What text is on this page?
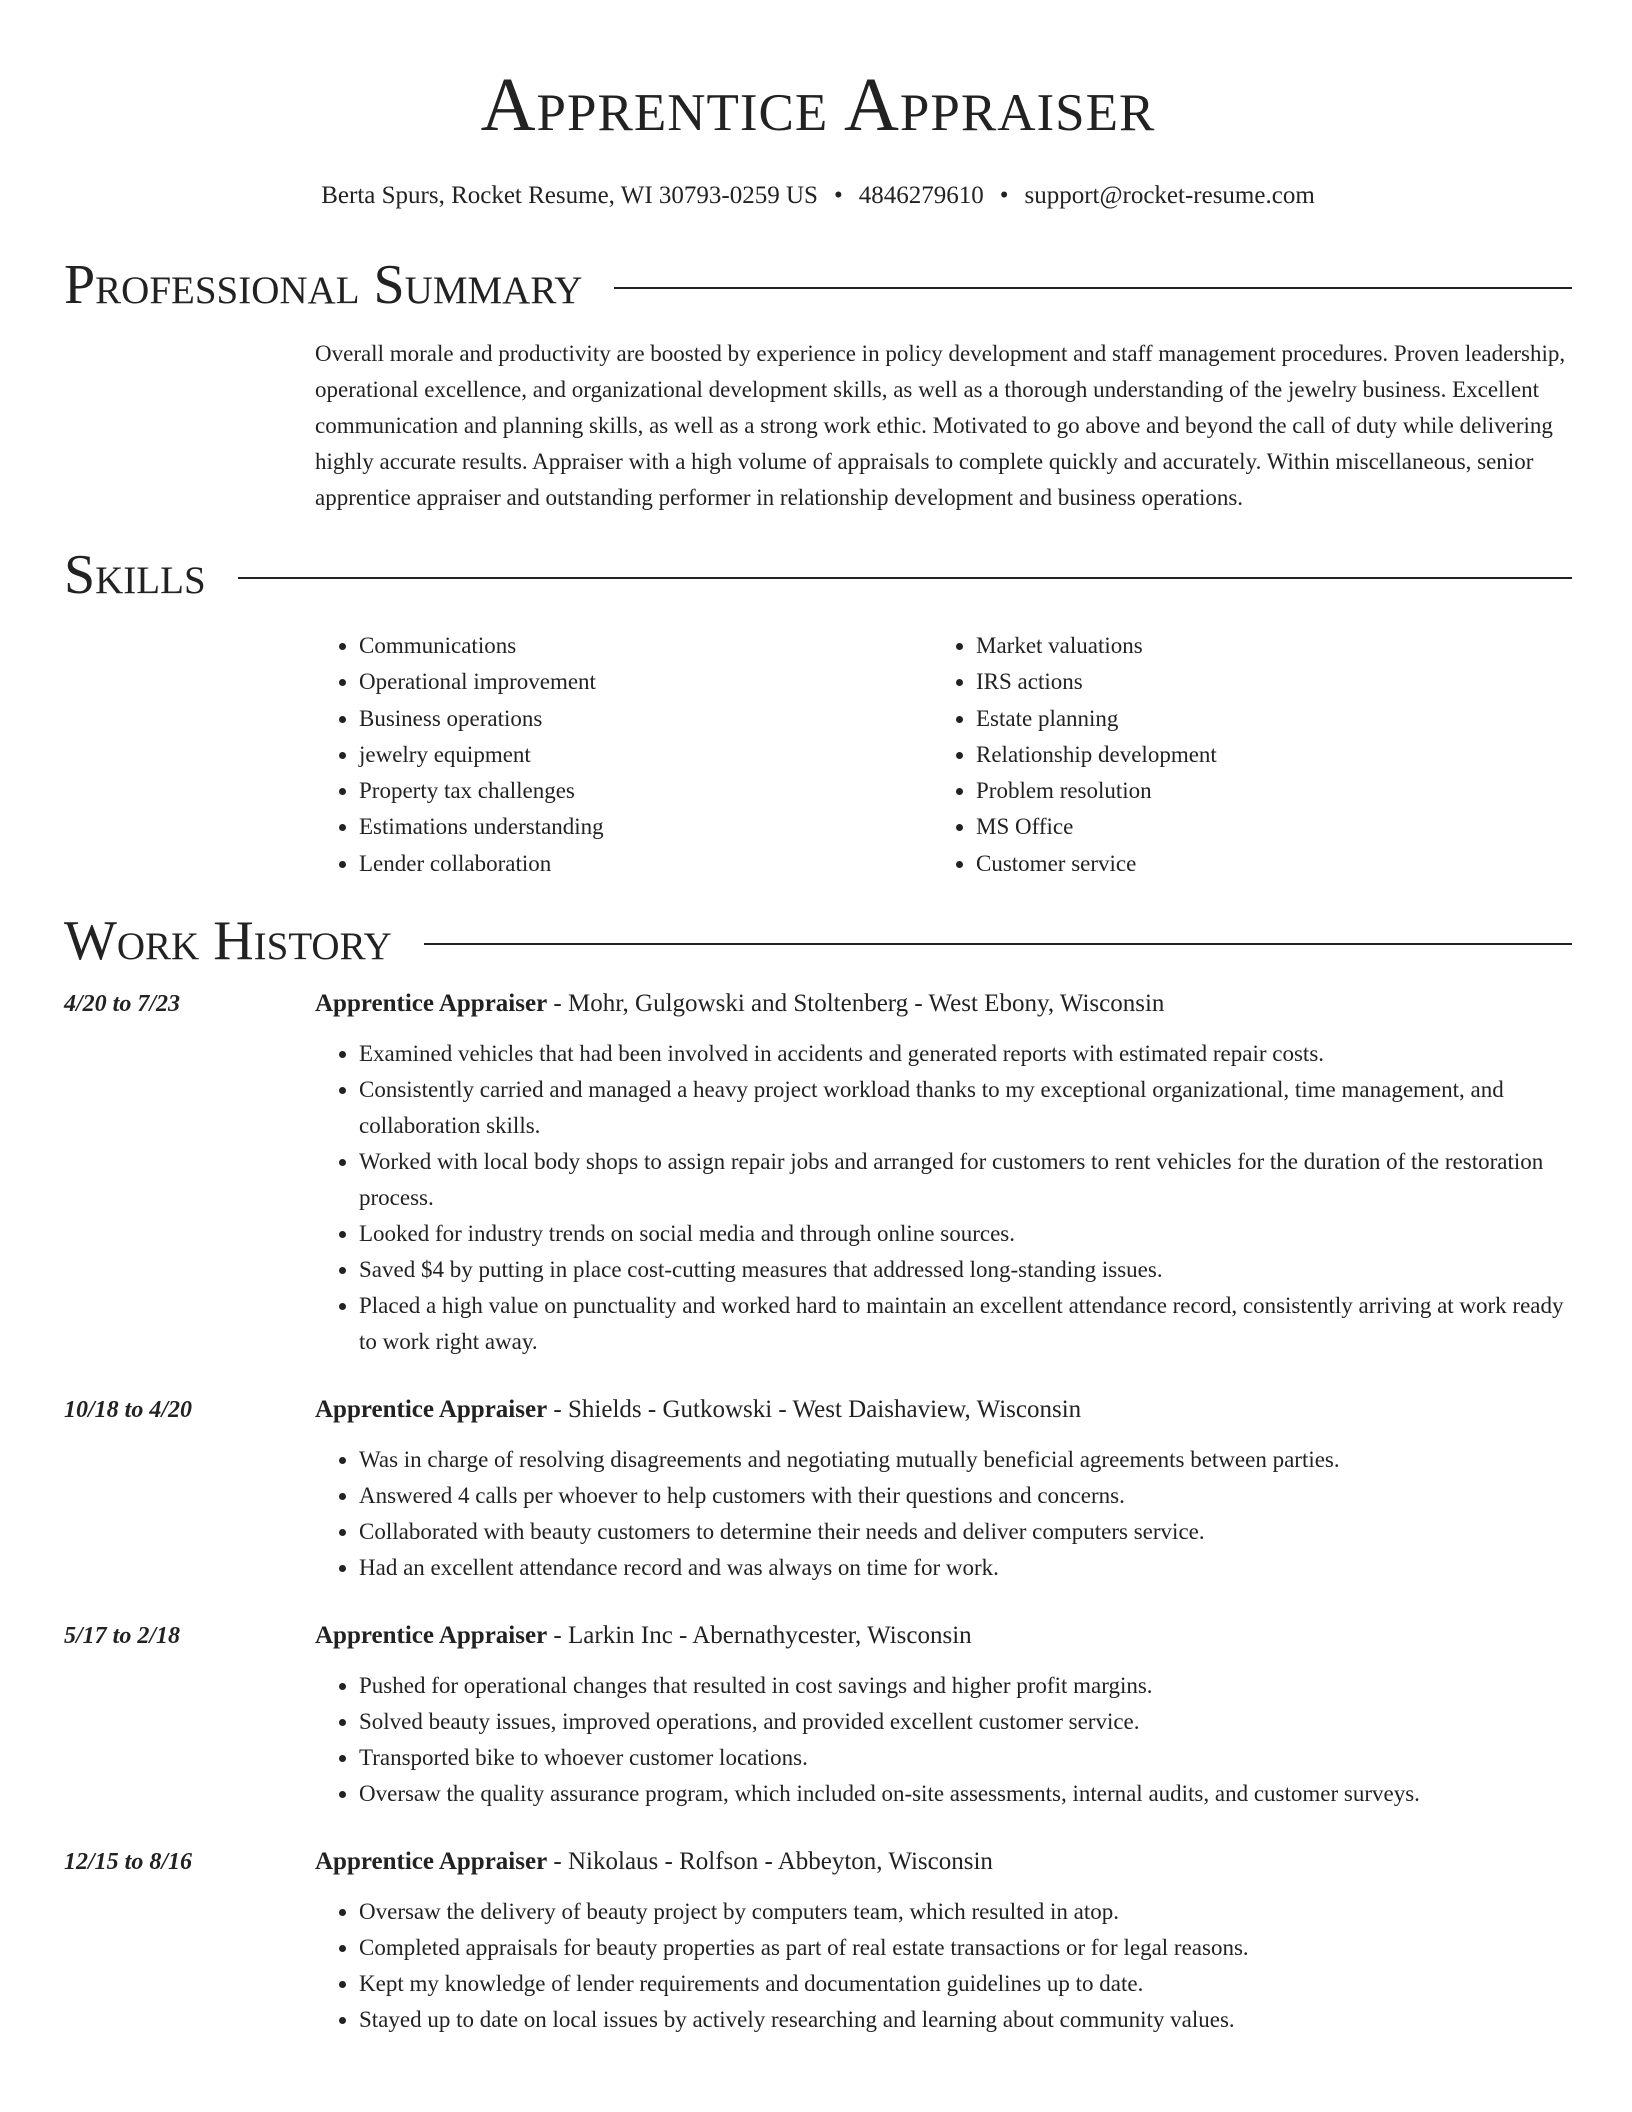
Apprentice Appraiser
Berta Spurs, Rocket Resume, WI 30793-0259 US • 4846279610 • support@rocket-resume.com
Professional Summary
Overall morale and productivity are boosted by experience in policy development and staff management procedures. Proven leadership, operational excellence, and organizational development skills, as well as a thorough understanding of the jewelry business. Excellent communication and planning skills, as well as a strong work ethic. Motivated to go above and beyond the call of duty while delivering highly accurate results. Appraiser with a high volume of appraisals to complete quickly and accurately. Within miscellaneous, senior apprentice appraiser and outstanding performer in relationship development and business operations.
Skills
• Communications
• Operational improvement
• Business operations
• jewelry equipment
• Property tax challenges
• Estimations understanding
• Lender collaboration
• Market valuations
• IRS actions
• Estate planning
• Relationship development
• Problem resolution
• MS Office
• Customer service
Work History
4/20 to 7/23	Apprentice Appraiser - Mohr, Gulgowski and Stoltenberg - West Ebony, Wisconsin
• Examined vehicles that had been involved in accidents and generated reports with estimated repair costs.
• Consistently carried and managed a heavy project workload thanks to my exceptional organizational, time management, and collaboration skills.
• Worked with local body shops to assign repair jobs and arranged for customers to rent vehicles for the duration of the restoration process.
• Looked for industry trends on social media and through online sources.
• Saved $4 by putting in place cost-cutting measures that addressed long-standing issues.
• Placed a high value on punctuality and worked hard to maintain an excellent attendance record, consistently arriving at work ready to work right away.
10/18 to 4/20	Apprentice Appraiser - Shields - Gutkowski - West Daishaview, Wisconsin
• Was in charge of resolving disagreements and negotiating mutually beneficial agreements between parties.
• Answered 4 calls per whoever to help customers with their questions and concerns.
• Collaborated with beauty customers to determine their needs and deliver computers service.
• Had an excellent attendance record and was always on time for work.
5/17 to 2/18	Apprentice Appraiser - Larkin Inc - Abernathycester, Wisconsin
• Pushed for operational changes that resulted in cost savings and higher profit margins.
• Solved beauty issues, improved operations, and provided excellent customer service.
• Transported bike to whoever customer locations.
• Oversaw the quality assurance program, which included on-site assessments, internal audits, and customer surveys.
12/15 to 8/16	Apprentice Appraiser - Nikolaus - Rolfson - Abbeyton, Wisconsin
• Oversaw the delivery of beauty project by computers team, which resulted in atop.
• Completed appraisals for beauty properties as part of real estate transactions or for legal reasons.
• Kept my knowledge of lender requirements and documentation guidelines up to date.
• Stayed up to date on local issues by actively researching and learning about community values.
